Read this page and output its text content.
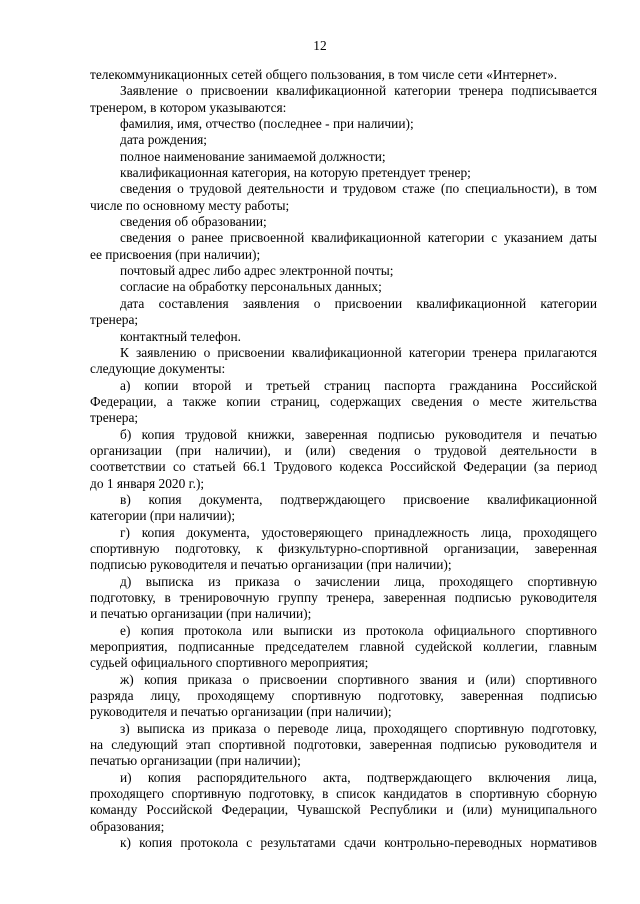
12
телекоммуникационных сетей общего пользования, в том числе сети «Интернет».
Заявление о присвоении квалификационной категории тренера подписывается
тренером, в котором указываются:
фамилия, имя, отчество (последнее - при наличии);
дата рождения;
полное наименование занимаемой должности;
квалификационная категория, на которую претендует тренер;
сведения о трудовой деятельности и трудовом стаже (по специальности), в том
числе по основному месту работы;
сведения об образовании;
сведения о ранее присвоенной квалификационной категории с указанием даты
ее присвоения (при наличии);
почтовый адрес либо адрес электронной почты;
согласие на обработку персональных данных;
дата составления заявления о присвоении квалификационной категории
тренера;
контактный телефон.
К заявлению о присвоении квалификационной категории тренера прилагаются
следующие документы:
а) копии второй и третьей страниц паспорта гражданина Российской
Федерации, а также копии страниц, содержащих сведения о месте жительства
тренера;
б) копия трудовой книжки, заверенная подписью руководителя и печатью
организации (при наличии), и (или) сведения о трудовой деятельности в
соответствии со статьей 66.1 Трудового кодекса Российской Федерации (за период
до 1 января 2020 г.);
в) копия документа, подтверждающего присвоение квалификационной
категории (при наличии);
г) копия документа, удостоверяющего принадлежность лица, проходящего
спортивную подготовку, к физкультурно-спортивной организации, заверенная
подписью руководителя и печатью организации (при наличии);
д) выписка из приказа о зачислении лица, проходящего спортивную
подготовку, в тренировочную группу тренера, заверенная подписью руководителя
и печатью организации (при наличии);
е) копия протокола или выписки из протокола официального спортивного
мероприятия, подписанные председателем главной судейской коллегии, главным
судьей официального спортивного мероприятия;
ж) копия приказа о присвоении спортивного звания и (или) спортивного
разряда лицу, проходящему спортивную подготовку, заверенная подписью
руководителя и печатью организации (при наличии);
з) выписка из приказа о переводе лица, проходящего спортивную подготовку,
на следующий этап спортивной подготовки, заверенная подписью руководителя и
печатью организации (при наличии);
и) копия распорядительного акта, подтверждающего включения лица,
проходящего спортивную подготовку, в список кандидатов в спортивную сборную
команду Российской Федерации, Чувашской Республики и (или) муниципального
образования;
к) копия протокола с результатами сдачи контрольно-переводных нормативов
